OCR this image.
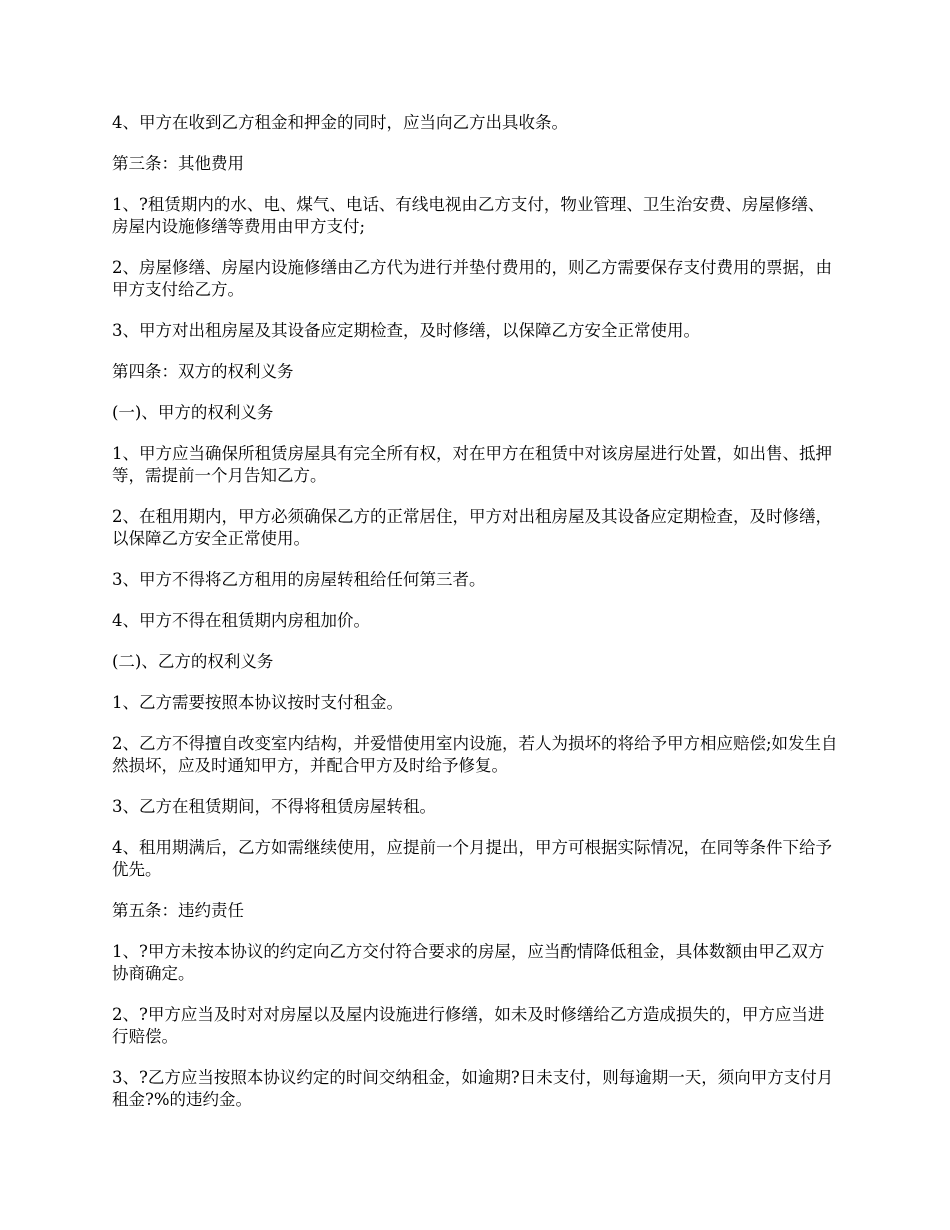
4、甲方在收到乙方租金和押金的同时，应当向乙方出具收条。

第三条：其他费用

1、?租赁期内的水、电、煤气、电话、有线电视由乙方支付，物业管理、卫生治安费、房屋修缮、房屋内设施修缮等费用由甲方支付;

2、房屋修缮、房屋内设施修缮由乙方代为进行并垫付费用的，则乙方需要保存支付费用的票据，由甲方支付给乙方。

3、甲方对出租房屋及其设备应定期检查，及时修缮，以保障乙方安全正常使用。

第四条：双方的权利义务

(一)、甲方的权利义务

1、甲方应当确保所租赁房屋具有完全所有权，对在甲方在租赁中对该房屋进行处置，如出售、抵押等，需提前一个月告知乙方。

2、在租用期内，甲方必须确保乙方的正常居住，甲方对出租房屋及其设备应定期检查，及时修缮，以保障乙方安全正常使用。

3、甲方不得将乙方租用的房屋转租给任何第三者。

4、甲方不得在租赁期内房租加价。

(二)、乙方的权利义务

1、乙方需要按照本协议按时支付租金。

2、乙方不得擅自改变室内结构，并爱惜使用室内设施，若人为损坏的将给予甲方相应赔偿;如发生自然损坏，应及时通知甲方，并配合甲方及时给予修复。

3、乙方在租赁期间，不得将租赁房屋转租。

4、租用期满后，乙方如需继续使用，应提前一个月提出，甲方可根据实际情况，在同等条件下给予优先。

第五条：违约责任

1、?甲方未按本协议的约定向乙方交付符合要求的房屋，应当酌情降低租金，具体数额由甲乙双方协商确定。

2、?甲方应当及时对对房屋以及屋内设施进行修缮，如未及时修缮给乙方造成损失的，甲方应当进行赔偿。

3、?乙方应当按照本协议约定的时间交纳租金，如逾期?日未支付，则每逾期一天，须向甲方支付月租金?%的违约金。
